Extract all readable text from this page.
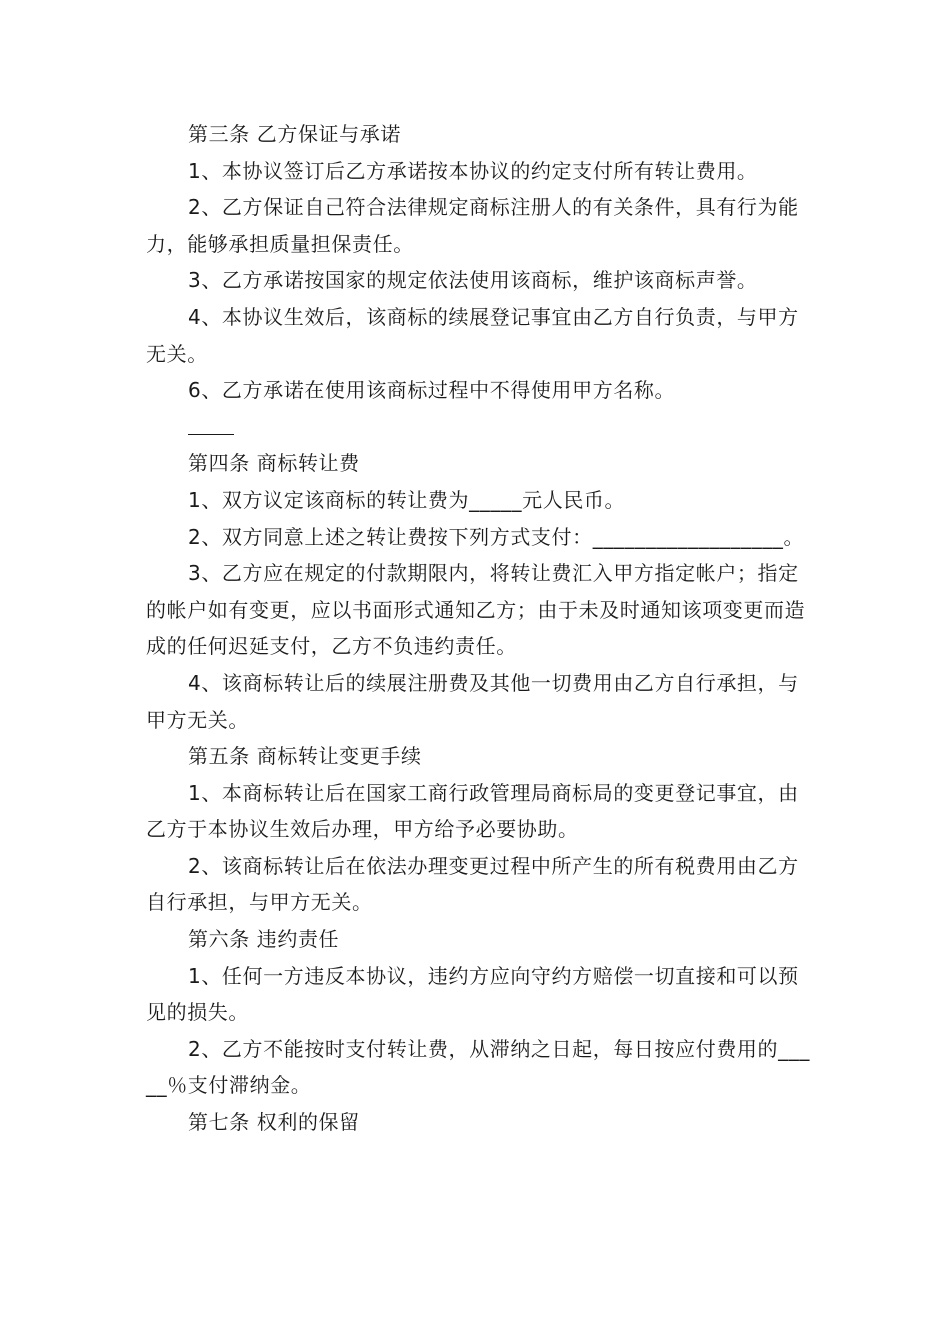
第三条 乙方保证与承诺

1、本协议签订后乙方承诺按本协议的约定支付所有转让费用。

2、乙方保证自己符合法律规定商标注册人的有关条件，具有行为能力，能够承担质量担保责任。

3、乙方承诺按国家的规定依法使用该商标，维护该商标声誉。

4、本协议生效后，该商标的续展登记事宜由乙方自行负责，与甲方无关。

6、乙方承诺在使用该商标过程中不得使用甲方名称。

第四条 商标转让费

1、双方议定该商标的转让费为_____元人民币。

2、双方同意上述之转让费按下列方式支付：__________________。

3、乙方应在规定的付款期限内，将转让费汇入甲方指定帐户；指定的帐户如有变更，应以书面形式通知乙方；由于未及时通知该项变更而造成的任何迟延支付，乙方不负违约责任。

4、该商标转让后的续展注册费及其他一切费用由乙方自行承担，与甲方无关。

第五条 商标转让变更手续

1、本商标转让后在国家工商行政管理局商标局的变更登记事宜，由乙方于本协议生效后办理，甲方给予必要协助。

2、该商标转让后在依法办理变更过程中所产生的所有税费用由乙方自行承担，与甲方无关。

第六条 违约责任

1、任何一方违反本协议，违约方应向守约方赔偿一切直接和可以预见的损失。

2、乙方不能按时支付转让费，从滞纳之日起，每日按应付费用的_____％支付滞纳金。

第七条 权利的保留
